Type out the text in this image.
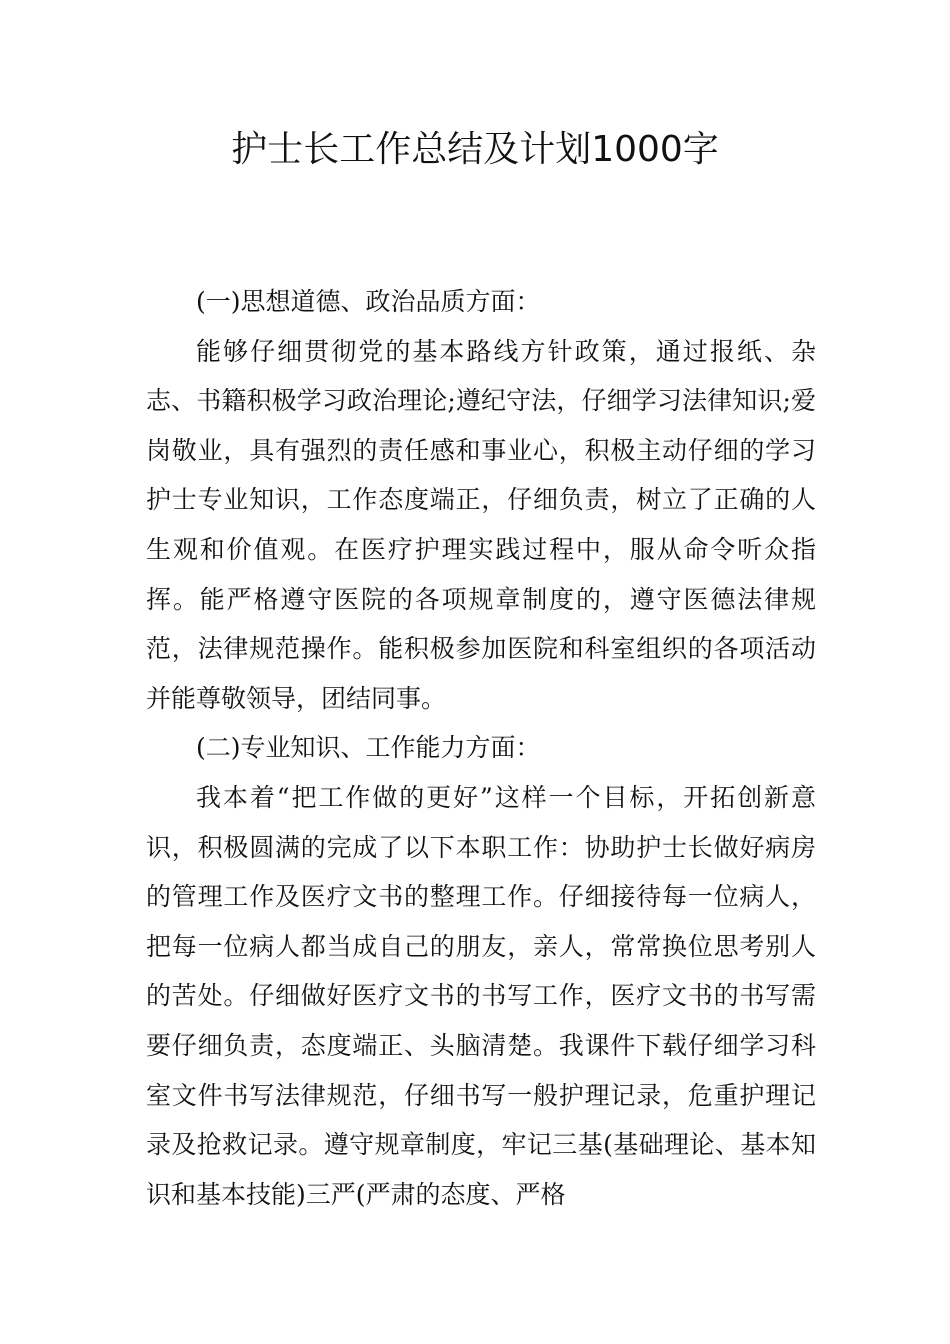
护士长工作总结及计划1000字

(一)思想道德、政治品质方面：

能够仔细贯彻党的基本路线方针政策，通过报纸、杂志、书籍积极学习政治理论;遵纪守法，仔细学习法律知识;爱岗敬业，具有强烈的责任感和事业心，积极主动仔细的学习护士专业知识，工作态度端正，仔细负责，树立了正确的人生观和价值观。在医疗护理实践过程中，服从命令听众指挥。能严格遵守医院的各项规章制度的，遵守医德法律规范，法律规范操作。能积极参加医院和科室组织的各项活动并能尊敬领导，团结同事。

(二)专业知识、工作能力方面：

我本着“把工作做的更好”这样一个目标，开拓创新意识，积极圆满的完成了以下本职工作：协助护士长做好病房的管理工作及医疗文书的整理工作。仔细接待每一位病人，把每一位病人都当成自己的朋友，亲人，常常换位思考别人的苦处。仔细做好医疗文书的书写工作，医疗文书的书写需要仔细负责，态度端正、头脑清楚。我课件下载仔细学习科室文件书写法律规范，仔细书写一般护理记录，危重护理记录及抢救记录。遵守规章制度，牢记三基(基础理论、基本知识和基本技能)三严(严肃的态度、严格
